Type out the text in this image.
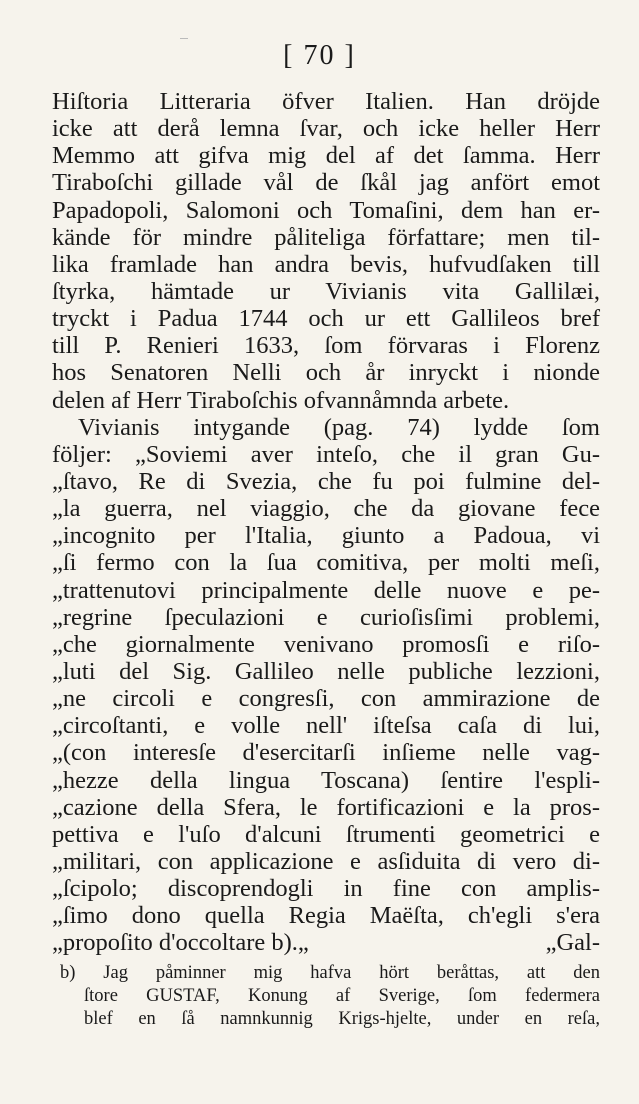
[ 70 ]
Hiſtoria Litteraria öfver Italien. Han dröjde
icke att derå lemna ſvar, och icke heller Herr
Memmo att gifva mig del af det ſamma. Herr
Tiraboſchi gillade vål de ſkål jag anfört emot
Papadopoli, Salomoni och Tomaſini, dem han er-
kände för mindre påliteliga författare; men til-
lika framlade han andra bevis, hufvudſaken till
ſtyrka, hämtade ur Vivianis vita Gallilæi,
tryckt i Padua 1744 och ur ett Gallileos bref
till P. Renieri 1633, ſom förvaras i Florenz
hos Senatoren Nelli och år inryckt i nionde
delen af Herr Tiraboſchis ofvannåmnda arbete.
Vivianis intygande (pag. 74) lydde ſom
följer: „Soviemi aver inteſo, che il gran Gu-
„ſtavo, Re di Svezia, che fu poi fulmine del-
„la guerra, nel viaggio, che da giovane fece
„incognito per l'Italia, giunto a Padoua, vi
„ſi fermo con la ſua comitiva, per molti meſi,
„trattenutovi principalmente delle nuove e pe-
„regrine ſpeculazioni e curioſisſimi problemi,
„che giornalmente venivano promosſi e riſo-
„luti del Sig. Gallileo nelle publiche lezzioni,
„ne circoli e congresſi, con ammirazione de
„circoſtanti, e volle nell' iſteſsa caſa di lui,
„(con interesſe d'esercitarſi inſieme nelle vag-
„hezze della lingua Toscana) ſentire l'espli-
„cazione della Sfera, le fortificazioni e la pros-
pettiva e l'uſo d'alcuni ſtrumenti geometrici e
„militari, con applicazione e asſiduita di vero di-
„ſcipolo; discoprendogli in fine con amplis-
„ſimo dono quella Regia Maëſta, ch'egli s'era
„propoſito d'occoltare b).„	„Gal-
b) Jag påminner mig hafva hört beråttas, att den
ſtore GUSTAF, Konung af Sverige, ſom federmera
blef en ſå namnkunnig Krigs-hjelte, under en reſa,
